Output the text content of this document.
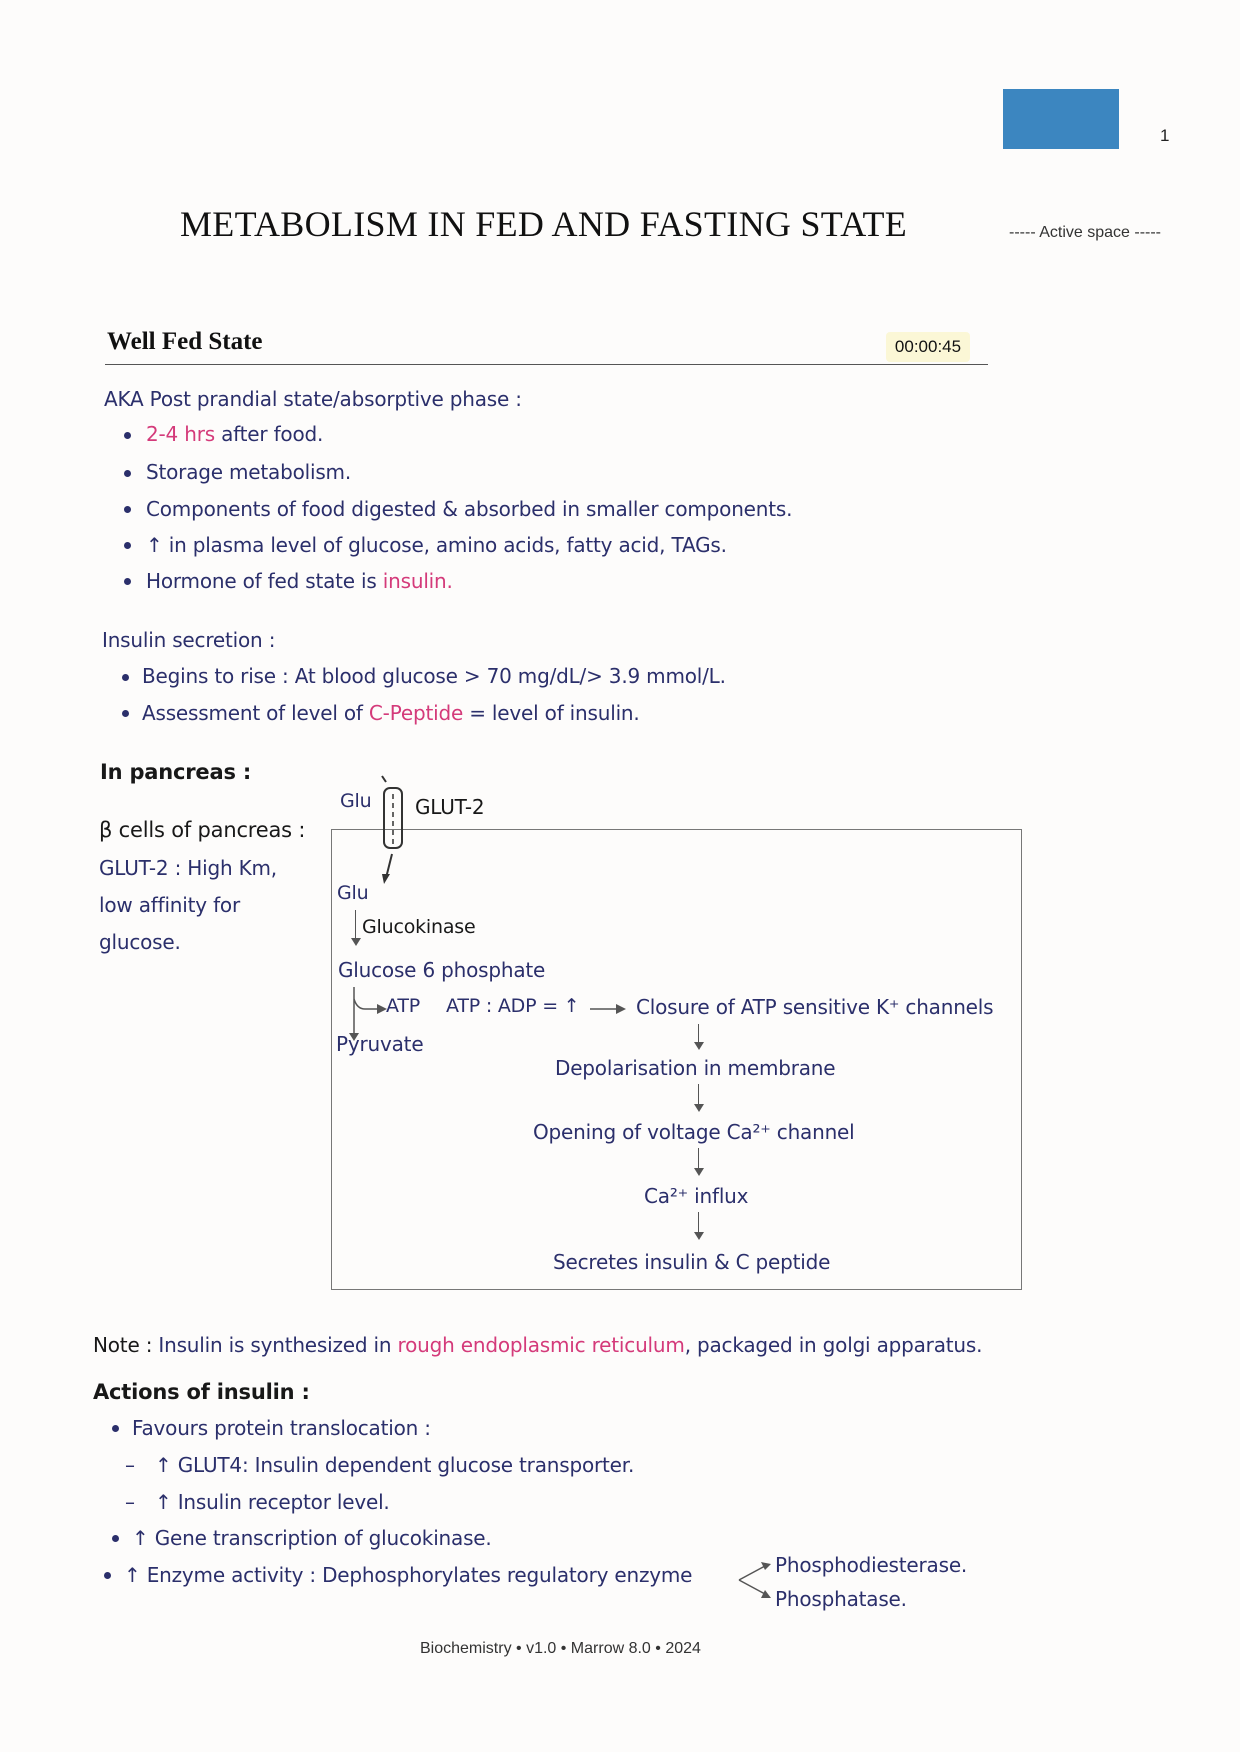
1
METABOLISM IN FED AND FASTING STATE	----- Active space -----
Well Fed State	00:00:45
AKA Post prandial state/absorptive phase :
2-4 hrs after food.
Storage metabolism.
Components of food digested & absorbed in smaller components.
↑ in plasma level of glucose, amino acids, fatty acid, TAGs.
Hormone of fed state is insulin.
Insulin secretion :
Begins to rise : At blood glucose > 70 mg/dL/> 3.9 mmol/L.
Assessment of level of C-Peptide = level of insulin.
In pancreas :
β cells of pancreas :
GLUT-2 : High Km,
low affinity for
glucose.
Glu GLUT-2
Glu
Glucokinase
Glucose 6 phosphate
ATP ATP : ADP = ↑	Closure of ATP sensitive K⁺ channels
Pyruvate
Depolarisation in membrane
Opening of voltage Ca²⁺ channel
Ca²⁺ influx
Secretes insulin & C peptide
Note : Insulin is synthesized in rough endoplasmic reticulum, packaged in golgi apparatus.
Actions of insulin :
Favours protein translocation :
– ↑ GLUT4: Insulin dependent glucose transporter.
– ↑ Insulin receptor level.
↑ Gene transcription of glucokinase.
↑ Enzyme activity : Dephosphorylates regulatory enzyme	Phosphodiesterase.
Phosphatase.
Biochemistry • v1.0 • Marrow 8.0 • 2024
